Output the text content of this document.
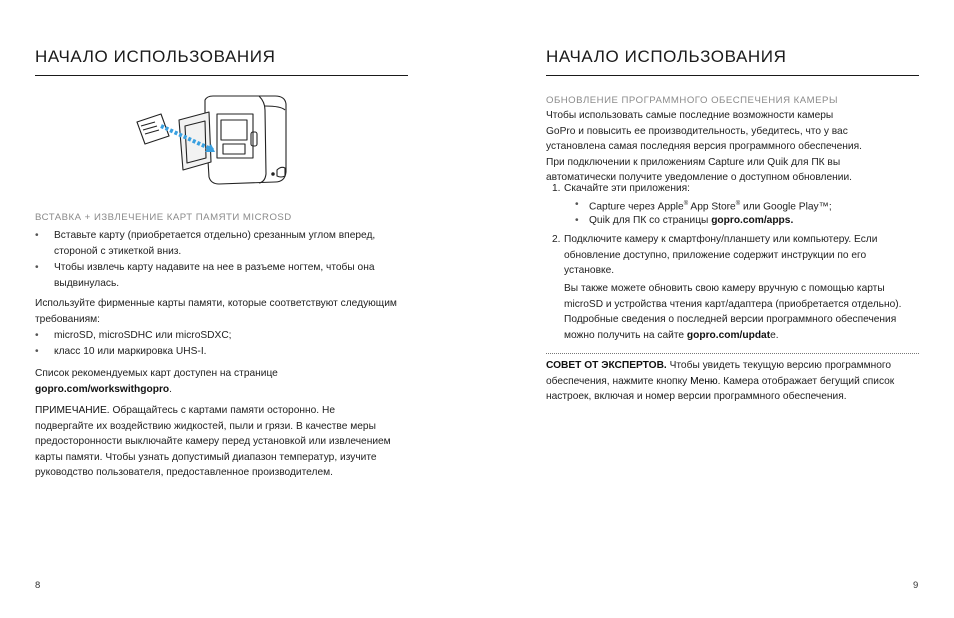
НАЧАЛО ИСПОЛЬЗОВАНИЯ
ВСТАВКА + ИЗВЛЕЧЕНИЕ КАРТ ПАМЯТИ MICROSD
• Вставьте карту (приобретается отдельно) срезанным углом вперед,
стороной с этикеткой вниз.
• Чтобы извлечь карту надавите на нее в разъеме ногтем, чтобы она
выдвинулась.
Используйте фирменные карты памяти, которые соответствуют следующим
требованиям:
• microSD, microSDHC или microSDXC;
• класс 10 или маркировка UHS-I.
Список рекомендуемых карт доступен на странице
gopro.com/workswithgopro.
ПРИМЕЧАНИЕ. Обращайтесь с картами памяти осторонно. Не
подвергайте их воздействию жидкостей, пыли и грязи. В качестве меры
предосторонности выключайте камеру перед установкой или извлечением
карты памяти. Чтобы узнать допустимый диапазон температур, изучите
руководство пользователя, предоставленное производителем.
8
НАЧАЛО ИСПОЛЬЗОВАНИЯ
ОБНОВЛЕНИЕ ПРОГРАММНОГО ОБЕСПЕЧЕНИЯ КАМЕРЫ
Чтобы использовать самые последние возможности камеры
GoPro и повысить ее производительность, убедитесь, что у вас
установлена самая последняя версия программного обеспечения.
При подключении к приложениям Capture или Quik для ПК вы
автоматически получите уведомление о доступном обновлении.
1. Скачайте эти приложения:
• Capture через Apple® App Store® или Google Play™;
• Quik для ПК со страницы gopro.com/apps.
2. Подключите камеру к смартфону/планшету или компьютеру. Если
обновление доступно, приложение содержит инструкции по его
установке.
Вы также можете обновить свою камеру вручную с помощью карты
microSD и устройства чтения карт/адаптера (приобретается отдельно).
Подробные сведения о последней версии программного обеспечения
можно получить на сайте gopro.com/update.
СОВЕТ ОТ ЭКСПЕРТОВ. Чтобы увидеть текущую версию программного
обеспечения, нажмите кнопку Меню. Камера отображает бегущий список
настроек, включая и номер версии программного обеспечения.
9
